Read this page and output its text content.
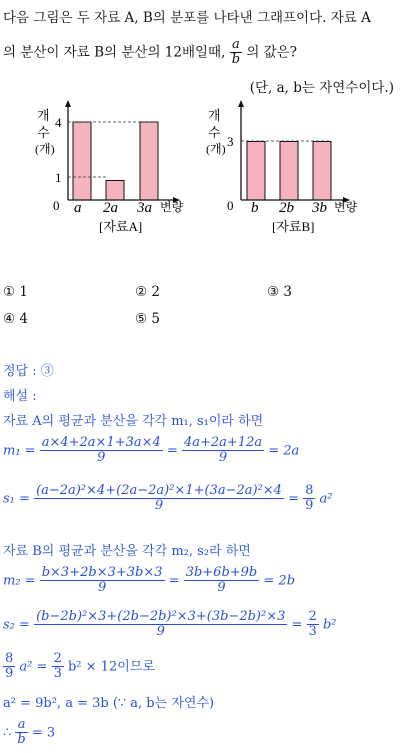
다음 그림은 두 자료 A, B의 분포를 나타낸 그래프이다. 자료 A
의 분산이 자료 B의 분산의 12배일때, $\frac{a}{b}$ 의 값은?
(단, a, b는 자연수이다.)
개
수
(개)
4
1
0 a 2a 3a 변량
[자료A]
개
수
(개) 3
0 b 2b 3b 변량
[자료B]
① 1	② 2	③ 3
④ 4	⑤ 5
정답 : ③
해설 :
자료 A의 평균과 분산을 각각 m₁, s₁이라 하면
$m_1 = \frac{a\times 4+2a\times 1+3a\times 4}{9} = \frac{4a+2a+12a}{9} = 2a$
$s_1 = \frac{\text{(a−2a)²×4+(2a−2a)²×1+(3a−2a)²×4}}{9} = \frac{8}{9} a^2$
자료 B의 평균과 분산을 각각 m₂, s₂라 하면
$m_2 = \frac{b\times 3+2b\times 3+3b\times 3}{9} = \frac{3b+6b+9b}{9} = 2b$
$s_2 = \frac{\text{(b−2b)²×3+(2b−2b)²×3+(3b−2b)²×3}}{9} = \frac{2}{3} b^2$
$\frac{8}{9} a^2 = \frac{2}{3} b^2 \times 12$이므로
a² = 9b², a = 3b (∵ a, b는 자연수)
∴ $\frac{a}{b} = 3$
